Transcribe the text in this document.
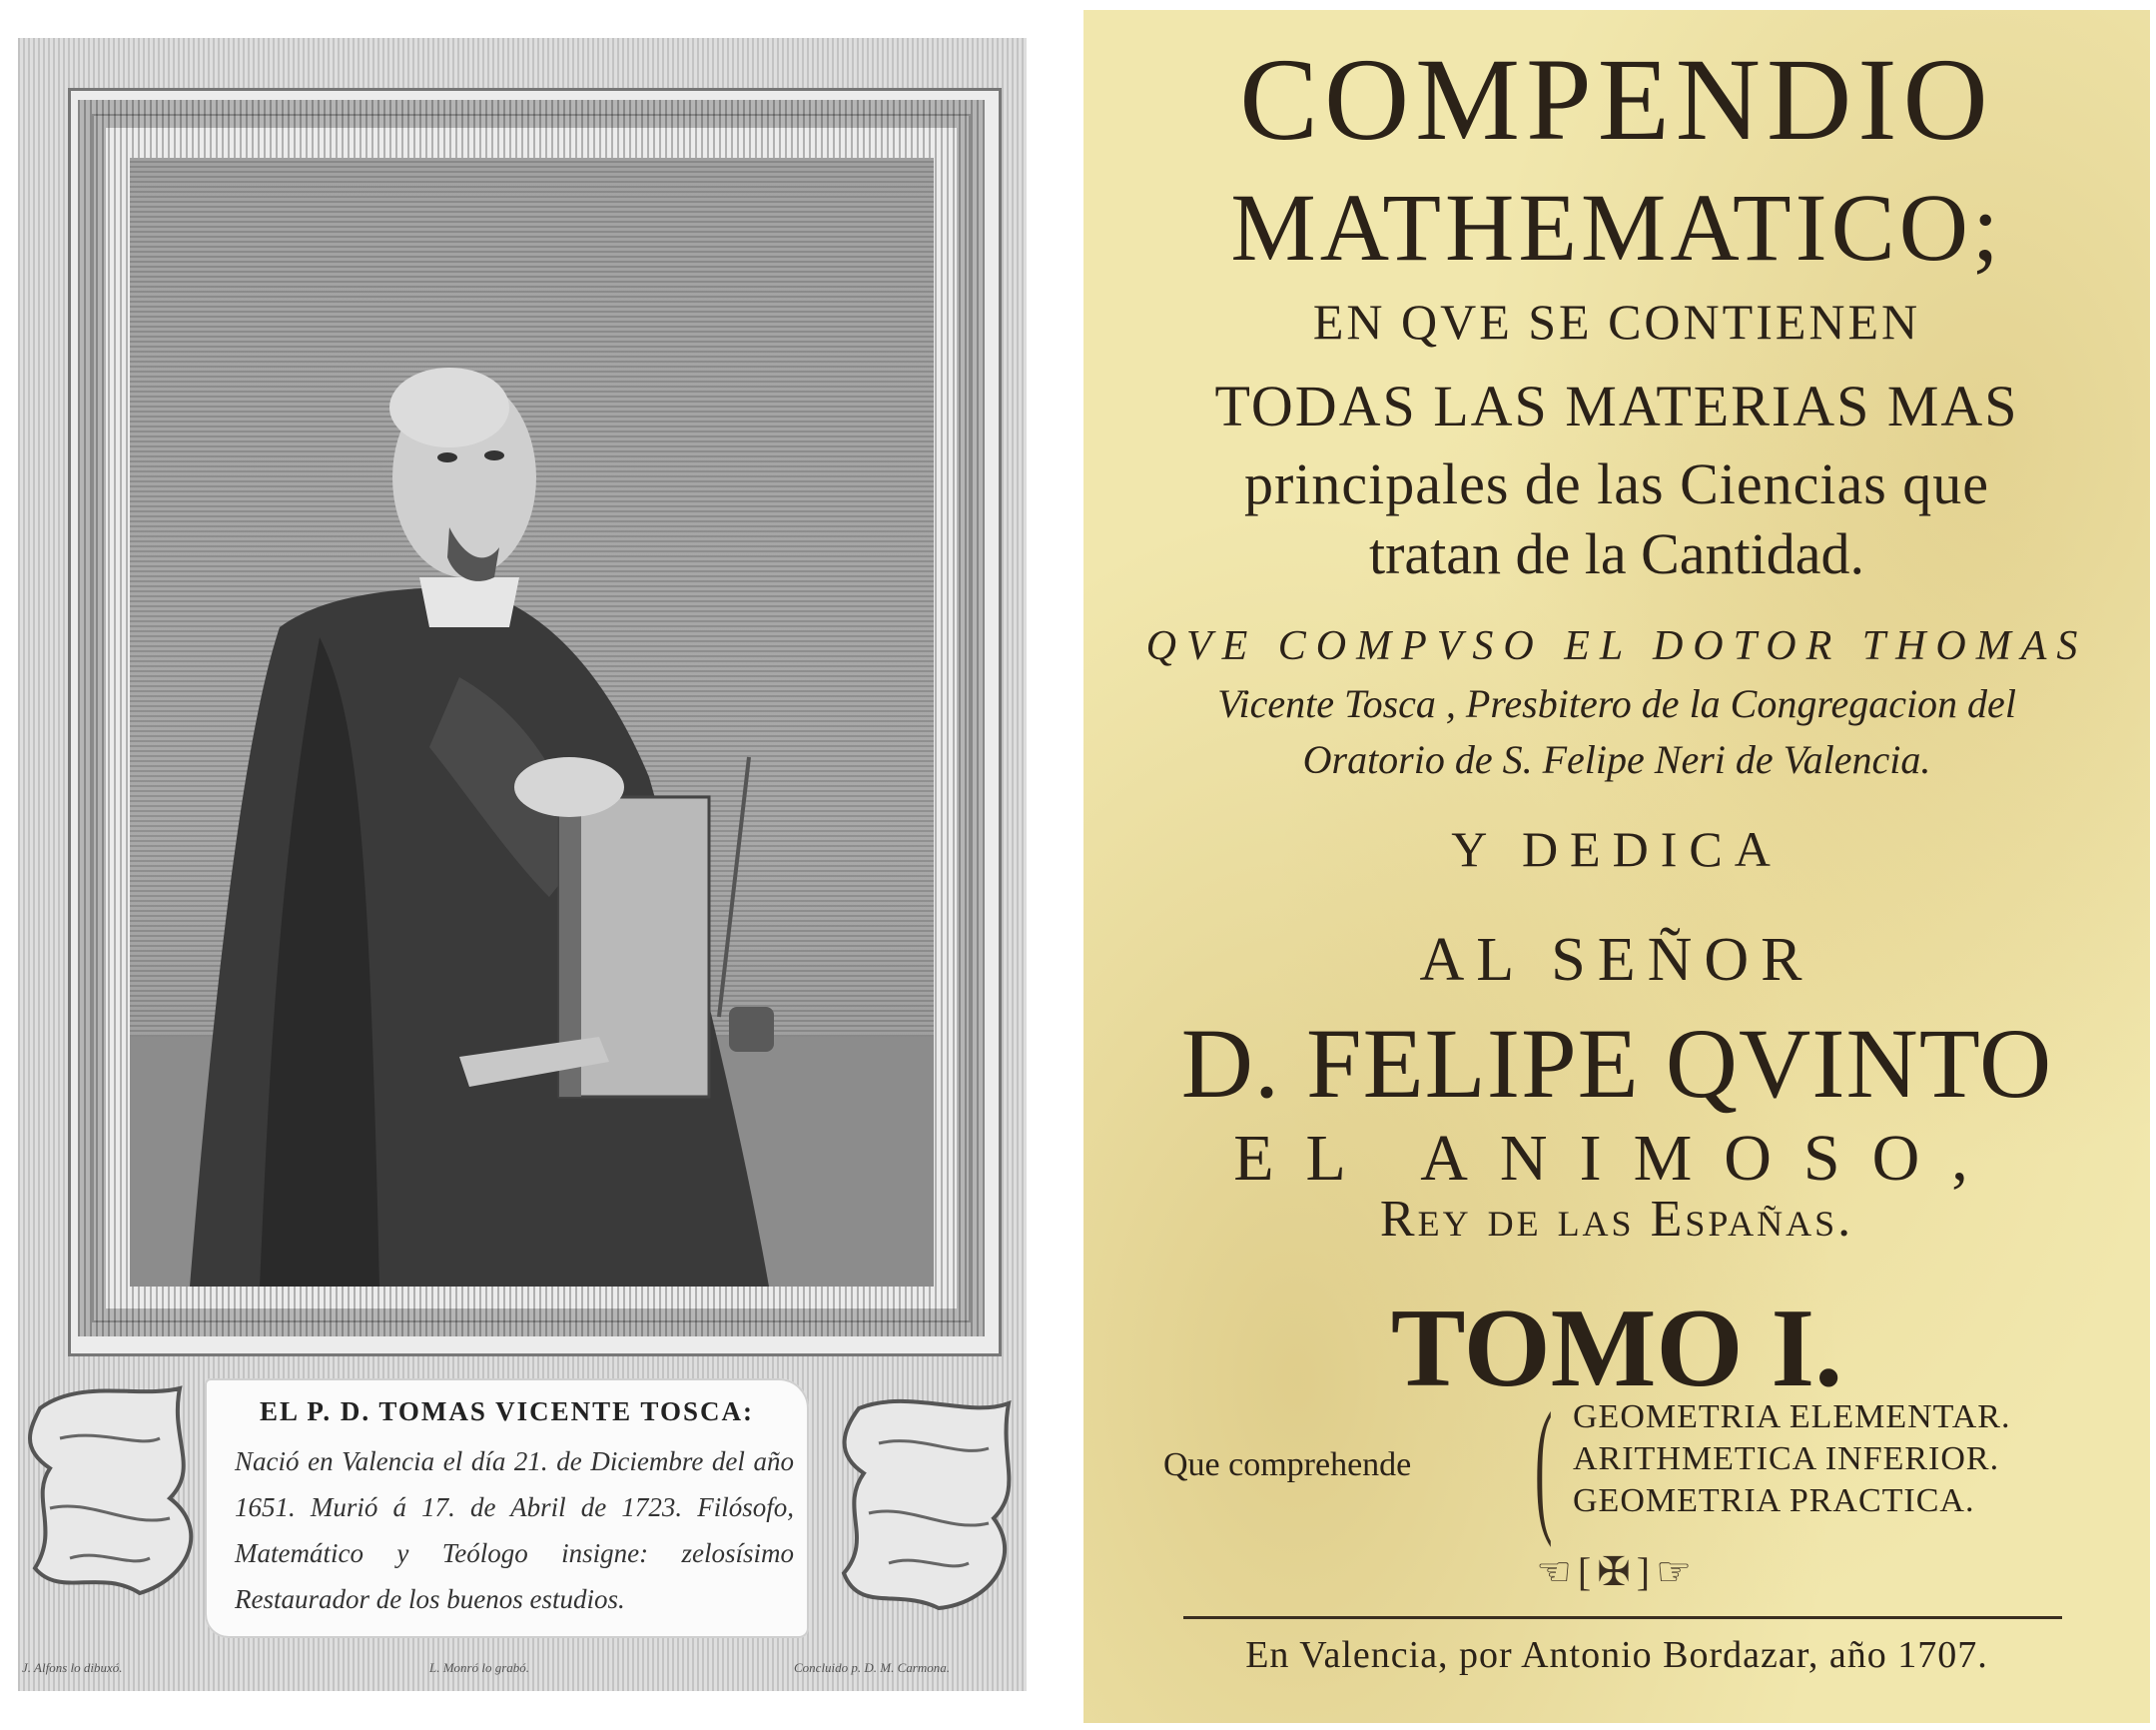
EL P. D. TOMAS VICENTE TOSCA:
Nació en Valencia el día 21. de Diciembre del año 1651. Murió á 17. de Abril de 1723. Filósofo, Matemático y Teólogo insigne: zelosísimo Restaurador de los buenos estudios.
J. Alfons lo dibuxó.	L. Monró lo grabó.	Concluido p. D. M. Carmona.
COMPENDIO
MATHEMATICO;
EN QVE SE CONTIENEN
TODAS LAS MATERIAS MAS
principales de las Ciencias que
tratan de la Cantidad.
QVE COMPVSO EL DOTOR THOMAS
Vicente Tosca , Presbitero de la Congregacion del
Oratorio de S. Felipe Neri de Valencia.
Y DEDICA
AL SEÑOR
D. FELIPE QVINTO
EL ANIMOSO,
Rey de las Españas.
TOMO I.
Que comprehende ( GEOMETRIA ELEMENTAR.
ARITHMETICA INFERIOR.
GEOMETRIA PRACTICA.
☜[✠]☞
En Valencia, por Antonio Bordazar, año 1707.
